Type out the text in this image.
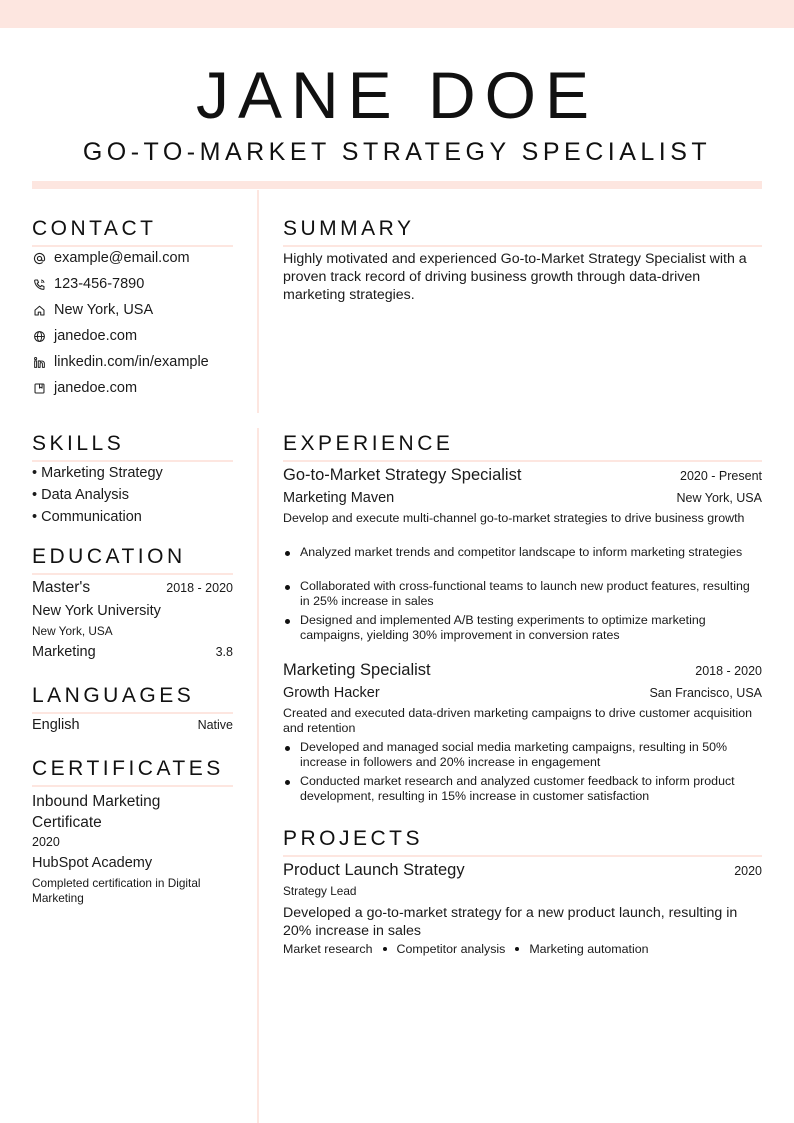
JANE DOE
GO-TO-MARKET STRATEGY SPECIALIST
CONTACT
example@email.com
123-456-7890
New York, USA
janedoe.com
linkedin.com/in/example
janedoe.com
SKILLS
• Marketing Strategy
• Data Analysis
• Communication
EDUCATION
Master's	2018 - 2020
New York University
New York, USA
Marketing	3.8
LANGUAGES
English	Native
CERTIFICATES
Inbound Marketing Certificate
2020
HubSpot Academy
Completed certification in Digital Marketing
SUMMARY
Highly motivated and experienced Go-to-Market Strategy Specialist with a proven track record of driving business growth through data-driven marketing strategies.
EXPERIENCE
Go-to-Market Strategy Specialist	2020 - Present
Marketing Maven	New York, USA
Develop and execute multi-channel go-to-market strategies to drive business growth
Analyzed market trends and competitor landscape to inform marketing strategies
Collaborated with cross-functional teams to launch new product features, resulting in 25% increase in sales
Designed and implemented A/B testing experiments to optimize marketing campaigns, yielding 30% improvement in conversion rates
Marketing Specialist	2018 - 2020
Growth Hacker	San Francisco, USA
Created and executed data-driven marketing campaigns to drive customer acquisition and retention
Developed and managed social media marketing campaigns, resulting in 50% increase in followers and 20% increase in engagement
Conducted market research and analyzed customer feedback to inform product development, resulting in 15% increase in customer satisfaction
PROJECTS
Product Launch Strategy	2020
Strategy Lead
Developed a go-to-market strategy for a new product launch, resulting in 20% increase in sales
Market research Competitor analysis Marketing automation
